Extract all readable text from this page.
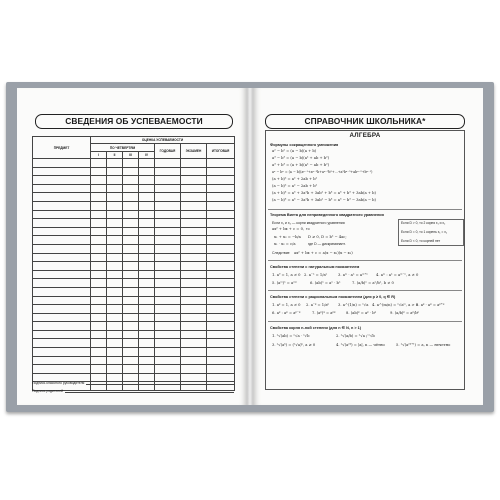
СВЕДЕНИЯ ОБ УСПЕВАЕМОСТИ
ПРЕДМЕТ	ОЦЕНКА УСПЕВАЕМОСТИ						
	ПО ЧЕТВЕРТЯМ				ГОДОВАЯ	ЭКЗАМЕН	ИТОГОВАЯ
	I	II	III	IV			

Подпись классного руководителя
Подпись родителей
СПРАВОЧНИК ШКОЛЬНИКА*
АЛГЕБРА
Формулы сокращенного умножения
a² − b² = (a − b)(a + b)
a³ − b³ = (a − b)(a² + ab + b²)
a³ + b³ = (a + b)(a² − ab + b²)
aⁿ − bⁿ = (a − b)(aⁿ⁻¹+aⁿ⁻²b+aⁿ⁻³b²+...+a²bⁿ⁻³+abⁿ⁻²+bⁿ⁻¹)
(a + b)² = a² + 2ab + b²
(a − b)² = a² − 2ab + b²
(a + b)³ = a³ + 3a²b + 3ab² + b³ = a³ + b³ + 3ab(a + b)
(a − b)³ = a³ − 3a²b + 3ab² − b³ = a³ − b³ − 3ab(a − b)
Теорема Виета для неприведенного квадратного уравнения
Если x₁ и x₂ — корни квадратного уравнения
ax² + bx + c = 0, то
x₁ + x₂ = −b/a
x₁ · x₂ = c/a
D ≥ 0, D = b² − 4ac;
где D — дискриминант.
Следствие ax² + bx + c = a(x − x₁)(x − x₂)
Если D > 0, то 2 корня x₁ и x₂
Если D = 0, то 1 корень x₁ = x₂
Если D < 0, то корней нет
Свойства степени с натуральным показателем
1. a⁰ = 1, a ≠ 0 2. a⁻ⁿ = 1/aⁿ	3. aᵐ · aⁿ = aᵐ⁺ⁿ 4. aᵐ : aⁿ = aᵐ⁻ⁿ, a ≠ 0
5. (aᵐ)ⁿ = aᵐⁿ	6. (ab)ⁿ = aⁿ · bⁿ	7. (a/b)ⁿ = aⁿ/bⁿ, b ≠ 0
Свойства степени с рациональным показателем (для p ≥ 0, q ∈ R)
1. aᵖ = 1, a ≠ 0 2. a⁻ᵖ = 1/aᵖ 3. a^(1/n) = ⁿ√a 4. a^(m/n) = ⁿ√aᵐ, a > 0
5. aᵖ · aᵠ = aᵖ⁺ᵠ
6. aᵖ : aᵠ = aᵖ⁻ᵠ	7. (aᵖ)ᵠ = aᵖᵠ	8. (ab)ᵖ = aᵖ · bᵖ	9. (a/b)ᵖ = aᵖ/bᵖ
Свойства корня n-ной степени (для n ∈ N, n > 1)
1. ⁿ√(ab) = ⁿ√a · ⁿ√b	2. ⁿ√(a/b) = ⁿ√a / ⁿ√b
3. ⁿ√(aᵏ) = (ⁿ√a)ᵏ, a ≥ 0	4. ⁿ√(a²ᵏ) = |a|, n — чётно	5. ⁿ√(a²ᵏ⁺¹) = a, n — нечетно
